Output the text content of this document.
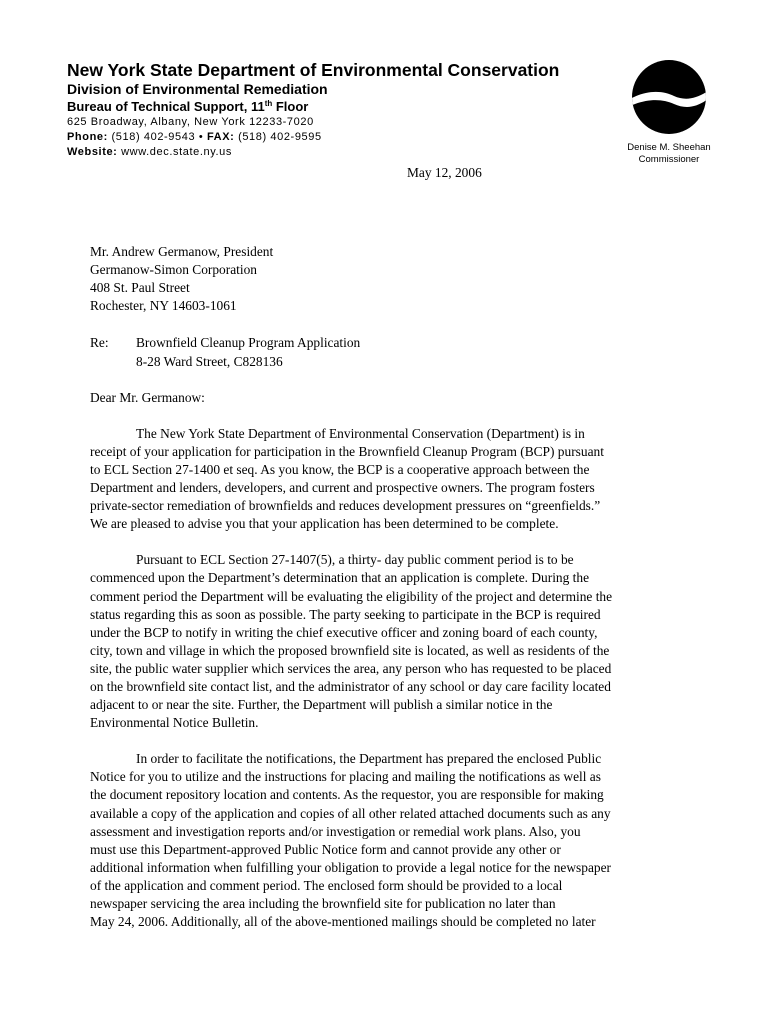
New York State Department of Environmental Conservation
Division of Environmental Remediation
Bureau of Technical Support, 11th Floor
625 Broadway, Albany, New York 12233-7020
Phone: (518) 402-9543 • FAX: (518) 402-9595
Website: www.dec.state.ny.us	Denise M. Sheehan
Commissioner
May 12, 2006
Mr. Andrew Germanow, President
Germanow-Simon Corporation
408 St. Paul Street
Rochester, NY 14603-1061
Re:	Brownfield Cleanup Program Application
8-28 Ward Street, C828136
Dear Mr. Germanow:
The New York State Department of Environmental Conservation (Department) is in
receipt of your application for participation in the Brownfield Cleanup Program (BCP) pursuant
to ECL Section 27-1400 et seq. As you know, the BCP is a cooperative approach between the
Department and lenders, developers, and current and prospective owners. The program fosters
private-sector remediation of brownfields and reduces development pressures on “greenfields.”
We are pleased to advise you that your application has been determined to be complete.
Pursuant to ECL Section 27-1407(5), a thirty- day public comment period is to be
commenced upon the Department’s determination that an application is complete. During the
comment period the Department will be evaluating the eligibility of the project and determine the
status regarding this as soon as possible. The party seeking to participate in the BCP is required
under the BCP to notify in writing the chief executive officer and zoning board of each county,
city, town and village in which the proposed brownfield site is located, as well as residents of the
site, the public water supplier which services the area, any person who has requested to be placed
on the brownfield site contact list, and the administrator of any school or day care facility located
adjacent to or near the site. Further, the Department will publish a similar notice in the
Environmental Notice Bulletin.
In order to facilitate the notifications, the Department has prepared the enclosed Public
Notice for you to utilize and the instructions for placing and mailing the notifications as well as
the document repository location and contents. As the requestor, you are responsible for making
available a copy of the application and copies of all other related attached documents such as any
assessment and investigation reports and/or investigation or remedial work plans. Also, you
must use this Department-approved Public Notice form and cannot provide any other or
additional information when fulfilling your obligation to provide a legal notice for the newspaper
of the application and comment period. The enclosed form should be provided to a local
newspaper servicing the area including the brownfield site for publication no later than
May 24, 2006. Additionally, all of the above-mentioned mailings should be completed no later
